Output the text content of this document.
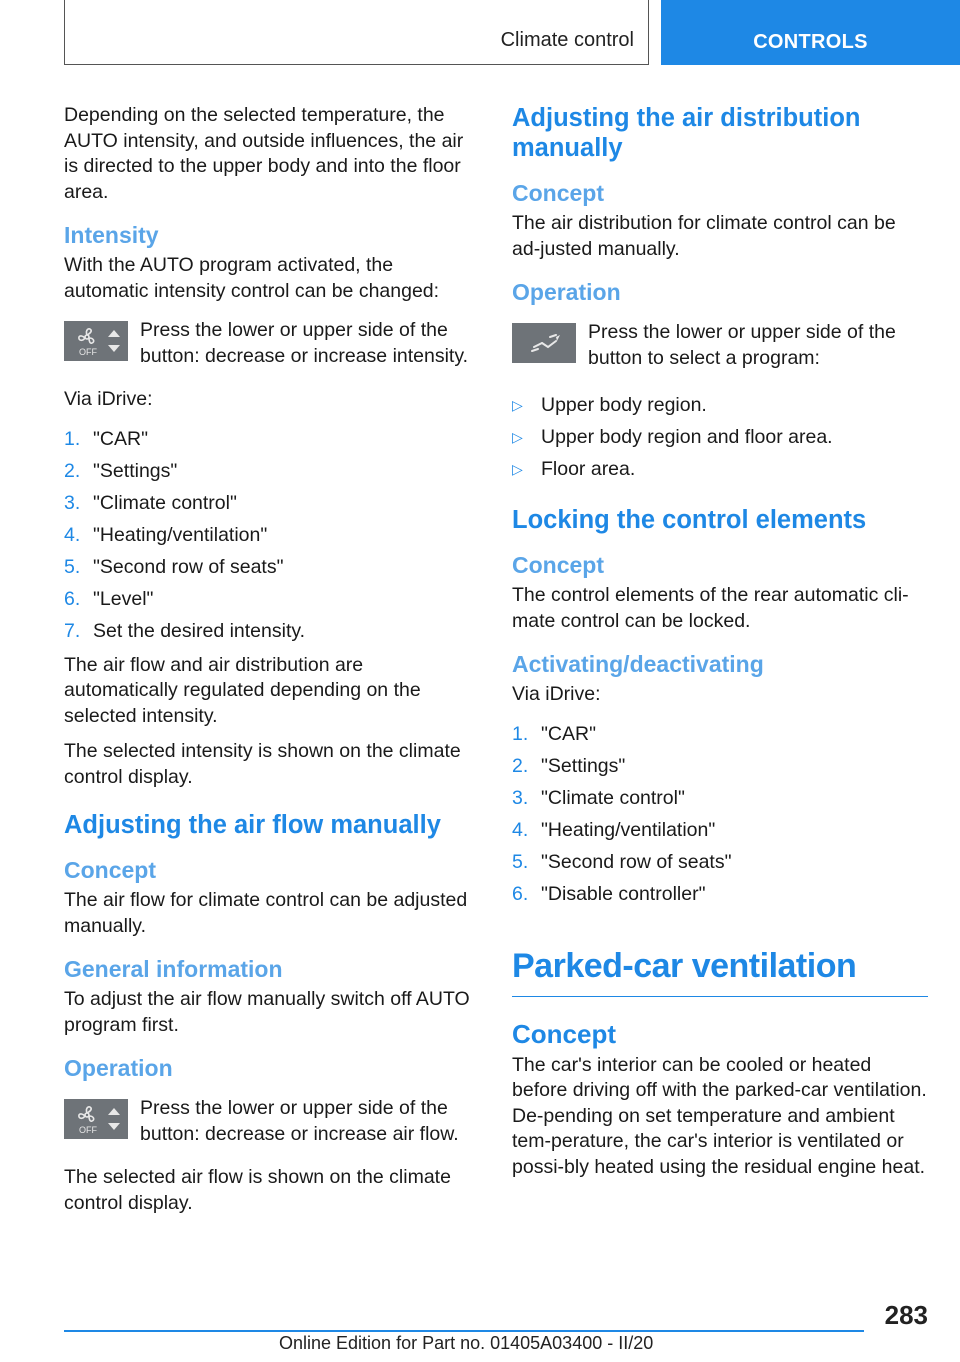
Climate control	CONTROLS

Depending on the selected temperature, the AUTO intensity, and outside influences, the air is directed to the upper body and into the floor area.

Intensity

With the AUTO program activated, the automatic intensity control can be changed:

OFF
Press the lower or upper side of the button: decrease or increase intensity.

Via iDrive:

1. "CAR"
2. "Settings"
3. "Climate control"
4. "Heating/ventilation"
5. "Second row of seats"
6. "Level"
7. Set the desired intensity.

The air flow and air distribution are automatically regulated depending on the selected intensity.

The selected intensity is shown on the climate control display.

Adjusting the air flow manually
Concept

The air flow for climate control can be adjusted manually.

General information

To adjust the air flow manually switch off AUTO program first.

Operation
OFF
Press the lower or upper side of the button: decrease or increase air flow.

The selected air flow is shown on the climate control display.

Adjusting the air distribution manually
Concept

The air distribution for climate control can be ad‐justed manually.

Operation
Press the lower or upper side of the button to select a program:
▷ Upper body region.
▷ Upper body region and floor area.
▷ Floor area.
Locking the control elements
Concept

The control elements of the rear automatic cli‐mate control can be locked.

Activating/deactivating

Via iDrive:

1. "CAR"
2. "Settings"
3. "Climate control"
4. "Heating/ventilation"
5. "Second row of seats"
6. "Disable controller"
Parked-car ventilation
Concept

The car's interior can be cooled or heated before driving off with the parked-car ventilation. De‐pending on set temperature and ambient tem‐perature, the car's interior is ventilated or possi‐bly heated using the residual engine heat.

283
Online Edition for Part no. 01405A03400 - II/20
